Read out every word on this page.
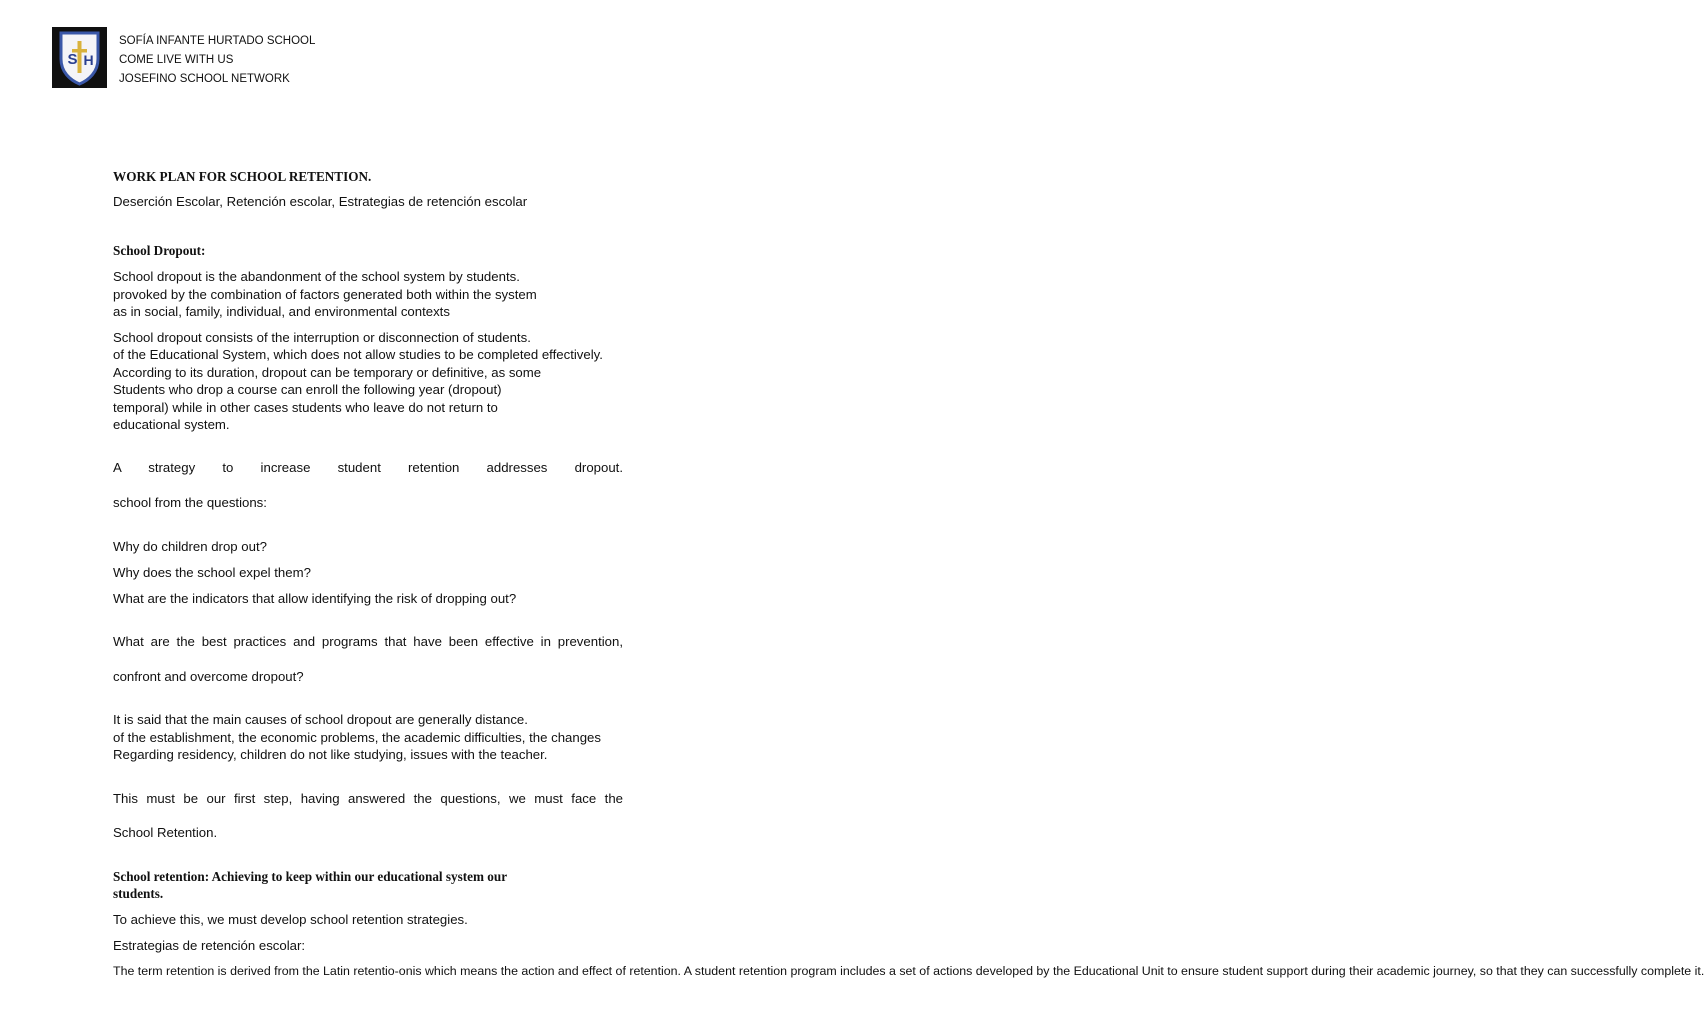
S H
SOFÍA INFANTE HURTADO SCHOOL
COME LIVE WITH US
JOSEFINO SCHOOL NETWORK
WORK PLAN FOR SCHOOL RETENTION.
Deserción Escolar, Retención escolar, Estrategias de retención escolar
School Dropout:
School dropout is the abandonment of the school system by students.
provoked by the combination of factors generated both within the system
as in social, family, individual, and environmental contexts
School dropout consists of the interruption or disconnection of students.
of the Educational System, which does not allow studies to be completed effectively.
According to its duration, dropout can be temporary or definitive, as some
Students who drop a course can enroll the following year (dropout)
temporal) while in other cases students who leave do not return to
educational system.

A strategy to increase student retention addresses dropout.

school from the questions:

Why do children drop out?
Why does the school expel them?
What are the indicators that allow identifying the risk of dropping out?

What are the best practices and programs that have been effective in prevention,

confront and overcome dropout?

It is said that the main causes of school dropout are generally distance.
of the establishment, the economic problems, the academic difficulties, the changes
Regarding residency, children do not like studying, issues with the teacher.

This must be our first step, having answered the questions, we must face the

School Retention.

School retention: Achieving to keep within our educational system our
students.
To achieve this, we must develop school retention strategies.
Estrategias de retención escolar:
The term retention is derived from the Latin retentio-onis which means the action and effect of retention. A student retention program includes a set of actions developed by the Educational Unit to ensure student support during their academic journey, so that they can successfully complete it.
